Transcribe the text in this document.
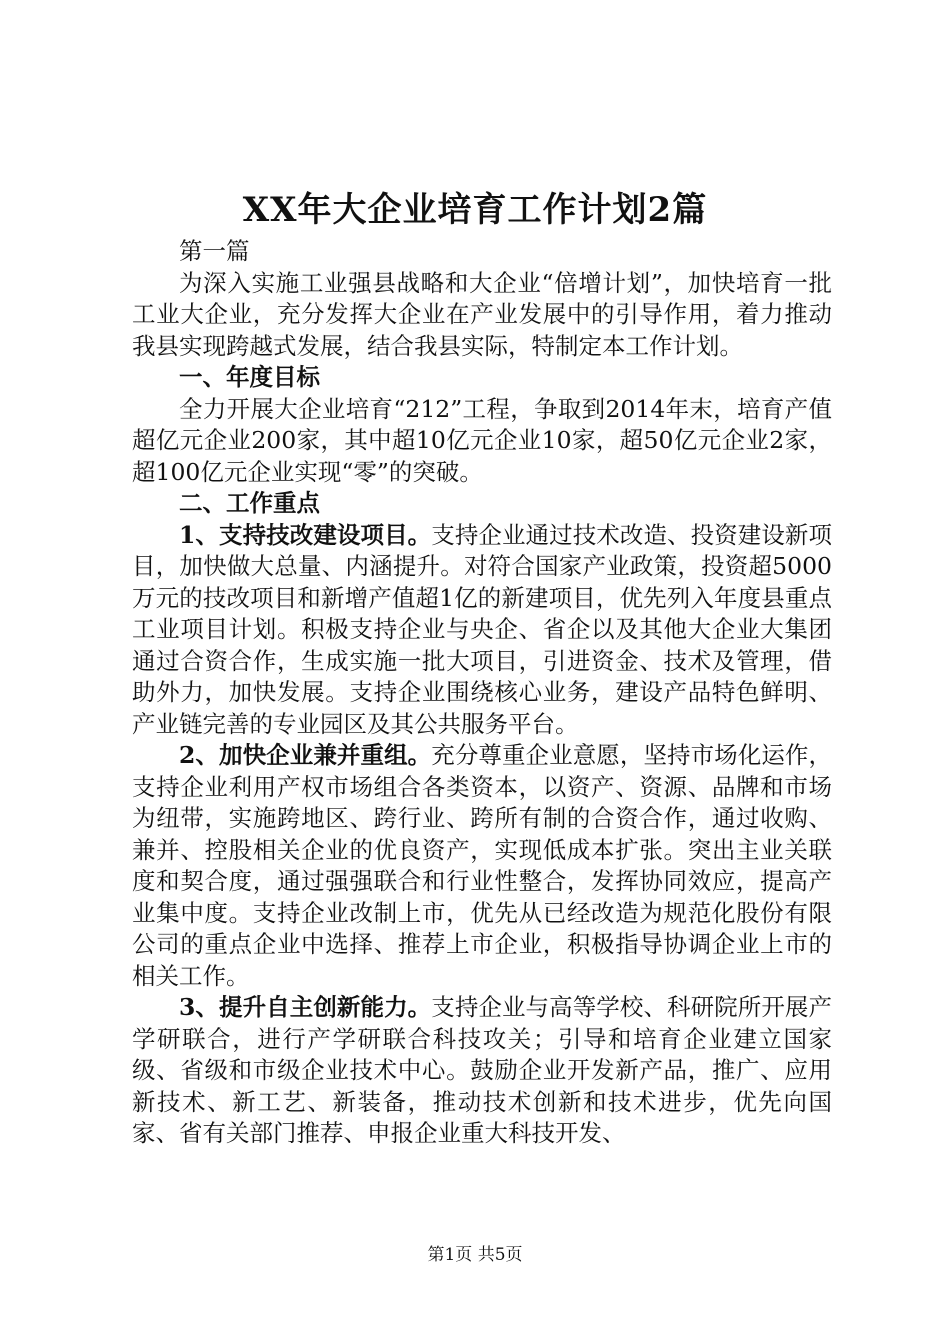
XX年大企业培育工作计划2篇

第一篇

为深入实施工业强县战略和大企业“倍增计划”，加快培育一批工业大企业，充分发挥大企业在产业发展中的引导作用，着力推动我县实现跨越式发展，结合我县实际，特制定本工作计划。

一、年度目标

全力开展大企业培育“212”工程，争取到2014年末，培育产值超亿元企业200家，其中超10亿元企业10家，超50亿元企业2家，超100亿元企业实现“零”的突破。

二、工作重点

1、支持技改建设项目。支持企业通过技术改造、投资建设新项目，加快做大总量、内涵提升。对符合国家产业政策，投资超5000万元的技改项目和新增产值超1亿的新建项目，优先列入年度县重点工业项目计划。积极支持企业与央企、省企以及其他大企业大集团通过合资合作，生成实施一批大项目，引进资金、技术及管理，借助外力，加快发展。支持企业围绕核心业务，建设产品特色鲜明、产业链完善的专业园区及其公共服务平台。

2、加快企业兼并重组。充分尊重企业意愿，坚持市场化运作，支持企业利用产权市场组合各类资本，以资产、资源、品牌和市场为纽带，实施跨地区、跨行业、跨所有制的合资合作，通过收购、兼并、控股相关企业的优良资产，实现低成本扩张。突出主业关联度和契合度，通过强强联合和行业性整合，发挥协同效应，提高产业集中度。支持企业改制上市，优先从已经改造为规范化股份有限公司的重点企业中选择、推荐上市企业，积极指导协调企业上市的相关工作。

3、提升自主创新能力。支持企业与高等学校、科研院所开展产学研联合，进行产学研联合科技攻关；引导和培育企业建立国家级、省级和市级企业技术中心。鼓励企业开发新产品，推广、应用新技术、新工艺、新装备，推动技术创新和技术进步，优先向国家、省有关部门推荐、申报企业重大科技开发、

第1页 共5页
